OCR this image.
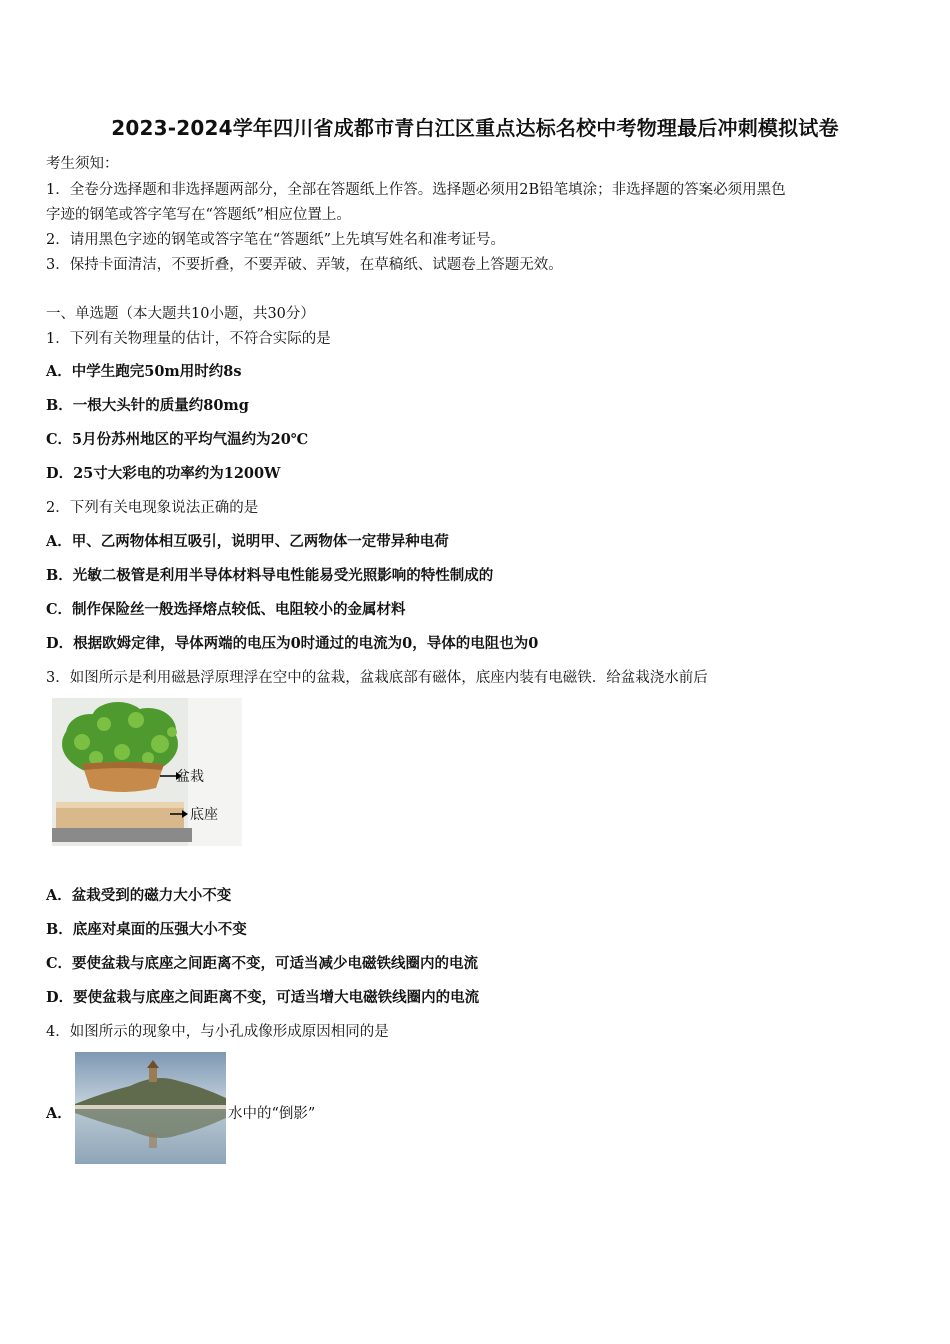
2023-2024学年四川省成都市青白江区重点达标名校中考物理最后冲刺模拟试卷
考生须知：
1．全卷分选择题和非选择题两部分，全部在答题纸上作答。选择题必须用2B铅笔填涂；非选择题的答案必须用黑色
字迹的钢笔或答字笔写在“答题纸”相应位置上。
2．请用黑色字迹的钢笔或答字笔在“答题纸”上先填写姓名和准考证号。
3．保持卡面清洁，不要折叠，不要弄破、弄皱，在草稿纸、试题卷上答题无效。
一、单选题（本大题共10小题，共30分）
1．下列有关物理量的估计，不符合实际的是
A．中学生跑完50m用时约8s
B．一根大头针的质量约80mg
C．5月份苏州地区的平均气温约为20℃
D．25寸大彩电的功率约为1200W
2．下列有关电现象说法正确的是
A．甲、乙两物体相互吸引，说明甲、乙两物体一定带异种电荷
B．光敏二极管是利用半导体材料导电性能易受光照影响的特性制成的
C．制作保险丝一般选择熔点较低、电阻较小的金属材料
D．根据欧姆定律，导体两端的电压为0时通过的电流为0，导体的电阻也为0
3．如图所示是利用磁悬浮原理浮在空中的盆栽，盆栽底部有磁体，底座内装有电磁铁．给盆栽浇水前后
盆栽
底座
A．盆栽受到的磁力大小不变
B．底座对桌面的压强大小不变
C．要使盆栽与底座之间距离不变，可适当减少电磁铁线圈内的电流
D．要使盆栽与底座之间距离不变，可适当增大电磁铁线圈内的电流
4．如图所示的现象中，与小孔成像形成原因相同的是
A．	水中的“倒影”
